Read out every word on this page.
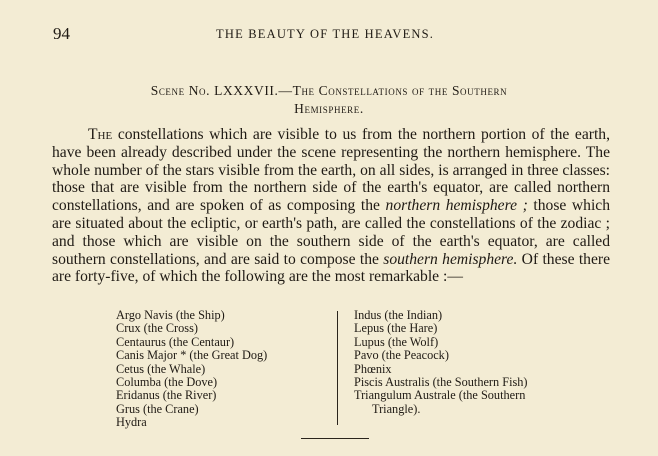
94	THE BEAUTY OF THE HEAVENS.
Scene No. LXXXVII.—The Constellations of the Southern
Hemisphere.
The constellations which are visible to us from the northern portion of the earth, have been already described under the scene representing the northern hemisphere. The whole number of the stars visible from the earth, on all sides, is arranged in three classes: those that are visible from the northern side of the earth's equator, are called northern constellations, and are spoken of as composing the northern hemisphere ; those which are situated about the ecliptic, or earth's path, are called the constellations of the zodiac ; and those which are visible on the southern side of the earth's equator, are called southern constellations, and are said to compose the southern hemisphere. Of these there are forty-five, of which the following are the most remarkable :—
Argo Navis (the Ship)
Crux (the Cross)
Centaurus (the Centaur)
Canis Major * (the Great Dog)
Cetus (the Whale)
Columba (the Dove)
Eridanus (the River)
Grus (the Crane)
Hydra
Indus (the Indian)
Lepus (the Hare)
Lupus (the Wolf)
Pavo (the Peacock)
Phœnix
Piscis Australis (the Southern Fish)
Triangulum Australe (the Southern
Triangle).
